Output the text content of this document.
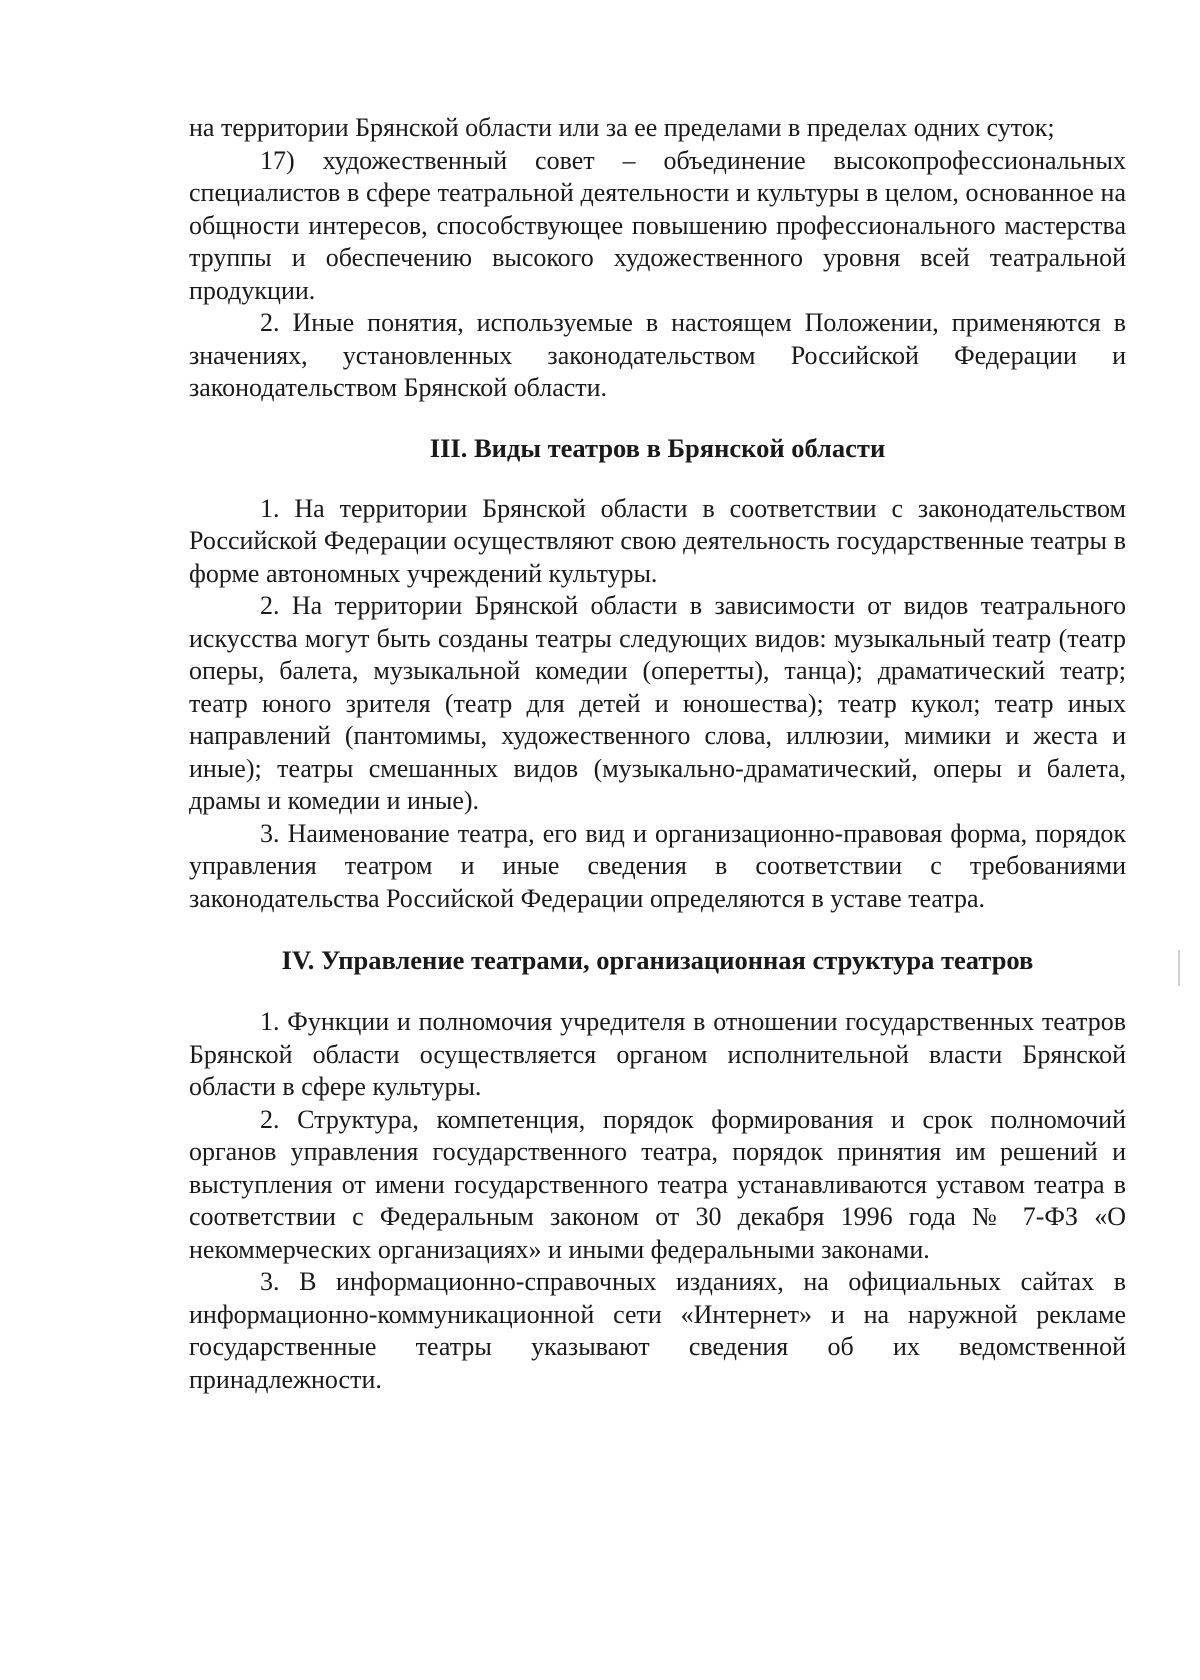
на территории Брянской области или за ее пределами в пределах одних суток;

17) художественный совет – объединение высокопрофессиональных специалистов в сфере театральной деятельности и культуры в целом, основанное на общности интересов, способствующее повышению профессионального мастерства труппы и обеспечению высокого художественного уровня всей театральной продукции.

2. Иные понятия, используемые в настоящем Положении, применяются в значениях, установленных законодательством Российской Федерации и законодательством Брянской области.

III. Виды театров в Брянской области

1. На территории Брянской области в соответствии с законодательством Российской Федерации осуществляют свою деятельность государственные театры в форме автономных учреждений культуры.

2. На территории Брянской области в зависимости от видов театрального искусства могут быть созданы театры следующих видов: музыкальный театр (театр оперы, балета, музыкальной комедии (оперетты), танца); драматический театр; театр юного зрителя (театр для детей и юношества); театр кукол; театр иных направлений (пантомимы, художественного слова, иллюзии, мимики и жеста и иные); театры смешанных видов (музыкально-драматический, оперы и балета, драмы и комедии и иные).

3. Наименование театра, его вид и организационно-правовая форма, порядок управления театром и иные сведения в соответствии с требованиями законодательства Российской Федерации определяются в уставе театра.

IV. Управление театрами, организационная структура театров

1. Функции и полномочия учредителя в отношении государственных театров Брянской области осуществляется органом исполнительной власти Брянской области в сфере культуры.

2. Структура, компетенция, порядок формирования и срок полномочий органов управления государственного театра, порядок принятия им решений и выступления от имени государственного театра устанавливаются уставом театра в соответствии с Федеральным законом от 30 декабря 1996 года № 7-ФЗ «О некоммерческих организациях» и иными федеральными законами.

3. В информационно-справочных изданиях, на официальных сайтах в информационно-коммуникационной сети «Интернет» и на наружной рекламе государственные театры указывают сведения об их ведомственной принадлежности.
